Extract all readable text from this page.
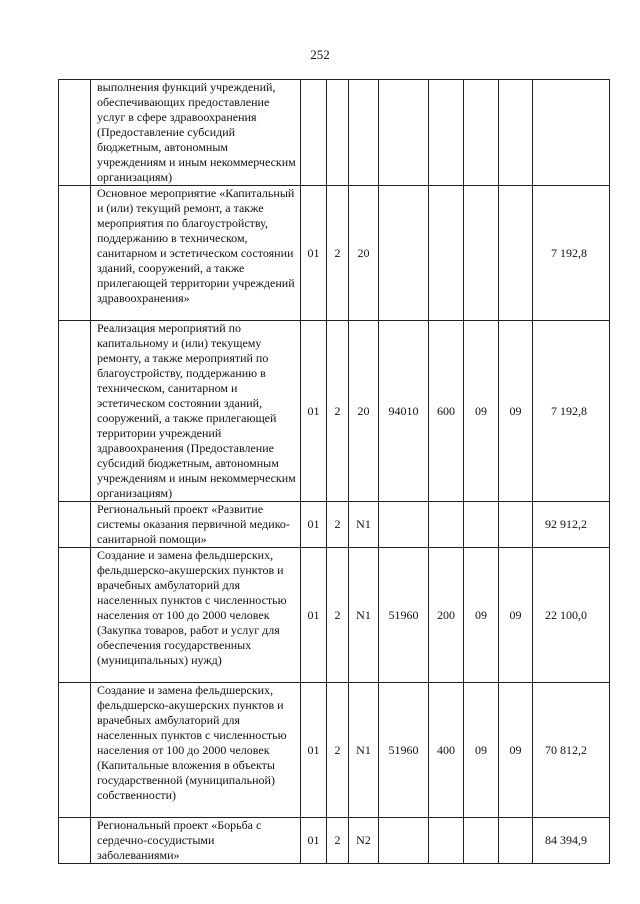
252
	выполнения функций учреждений, обеспечивающих предоставление услуг в сфере здравоохранения (Предоставление субсидий бюджетным, автономным учреждениям и иным некоммерческим организациям)								
	Основное мероприятие «Капитальный и (или) текущий ремонт, а также мероприятия по благоустройству, поддержанию в техническом, санитарном и эстетическом состоянии зданий, сооружений, а также прилегающей территории учреждений здравоохранения»	01	2	20					7 192,8
	Реализация мероприятий по капитальному и (или) текущему ремонту, а также мероприятий по благоустройству, поддержанию в техническом, санитарном и эстетическом состоянии зданий, сооружений, а также прилегающей территории учреждений здравоохранения (Предоставление субсидий бюджетным, автономным учреждениям и иным некоммерческим организациям)	01	2	20	94010	600	09	09	7 192,8
	Региональный проект «Развитие системы оказания первичной медико-санитарной помощи»	01	2	N1					92 912,2
	Создание и замена фельдшерских, фельдшерско-акушерских пунктов и врачебных амбулаторий для населенных пунктов с численностью населения от 100 до 2000 человек (Закупка товаров, работ и услуг для обеспечения государственных (муниципальных) нужд)	01	2	N1	51960	200	09	09	22 100,0
	Создание и замена фельдшерских, фельдшерско-акушерских пунктов и врачебных амбулаторий для населенных пунктов с численностью населения от 100 до 2000 человек (Капитальные вложения в объекты государственной (муниципальной) собственности)	01	2	N1	51960	400	09	09	70 812,2
	Региональный проект «Борьба с сердечно-сосудистыми заболеваниями»	01	2	N2					84 394,9
